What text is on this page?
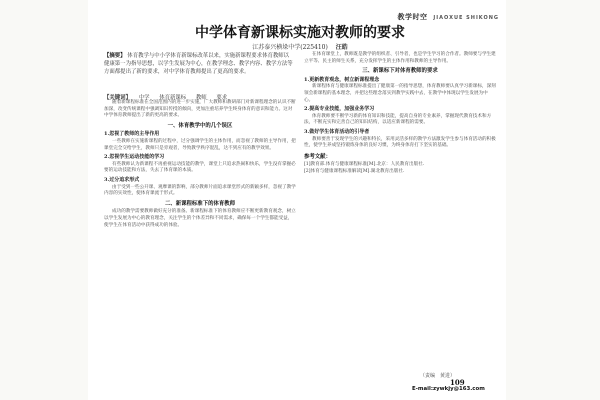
教学时空 JIAOXUE SHIKONG
中学体育新课标实施对教师的要求
江苏泰兴横垛中学(225410) 汪皓
【摘要】 体育教学与中小学体育新课标改革以来，实施新课程要求体育教师以健康第一为指导思想，以学生发展为中心，在教学理念、教学内容、教学方法等方面都提出了新的要求，对中学体育教师提出了更高的要求。
【关键词】 中学 体育新课标 教师 要求

随着新课程标准在全国范围内的进一步实施，广大教师和教研部门对新课程理念的认识不断加深，改变传统课程中强调知识传授的倾向，更加注重培养学生终身体育的意识和能力。这对中学体育教师提出了新的更高的要求。

一、体育教学中的几个误区
1.忽视了教师的主导作用

一些教师在实施新课程的过程中，过分强调学生的主体作用，而忽视了教师的主导作用，把课堂完全交给学生，教师只是旁观者，导致教学秩序混乱，达不到应有的教学效果。

2.忽视学生运动技能的学习

有些教师认为新课程不再重视运动技能的教学，课堂上只追求热闹和快乐，学生没有掌握必要的运动技能和方法，失去了体育课的本质。

3.过分追求形式

由于受到一些公开课、观摩课的影响，部分教师片面追求课堂形式的新颖多样，忽视了教学内容的实效性，使体育课流于形式。

二、新课程标准下的体育教师

成功的教学需要教师做好充分的准备。新课程标准下的体育教师应不断更新教育观念，树立以学生发展为中心的教育理念，关注学生的个体差异和不同需求，确保每一个学生都能受益，使学生在体育活动中获得成功的体验。

在体育课堂上，教师既是教学的组织者、引导者，也是学生学习的合作者。教师要与学生建立平等、民主的师生关系，充分发挥学生的主体作用和教师的主导作用。

三、新课标下对体育教师的要求
1.更新教育观念，树立新课程理念

新课程体育与健康课程标准提出了健康第一的指导思想，体育教师要认真学习新课标，深刻领会新课程的基本理念，并把这些理念落实到教学实践中去，在教学中体现以学生发展为中心。

2.提高专业技能，加强业务学习

体育教师要不断学习新的体育知识和技能，提高自身的专业素养，掌握现代教育技术和方法，不断充实和完善自己的知识结构，以适应新课程的需要。

3.做好学生体育活动的引导者

教师要善于发现学生的兴趣和特长，采用灵活多样的教学方法激发学生参与体育活动的积极性，使学生养成坚持锻炼身体的良好习惯，为终身体育打下坚实的基础。

参考文献：
[1]教育部.体育与健康课程标准[M].北京：人民教育出版社.
[2]体育与健康课程标准解读[M].湖北教育出版社.
（责编　黄进）
109
E-mail:zywkjy@163.com
